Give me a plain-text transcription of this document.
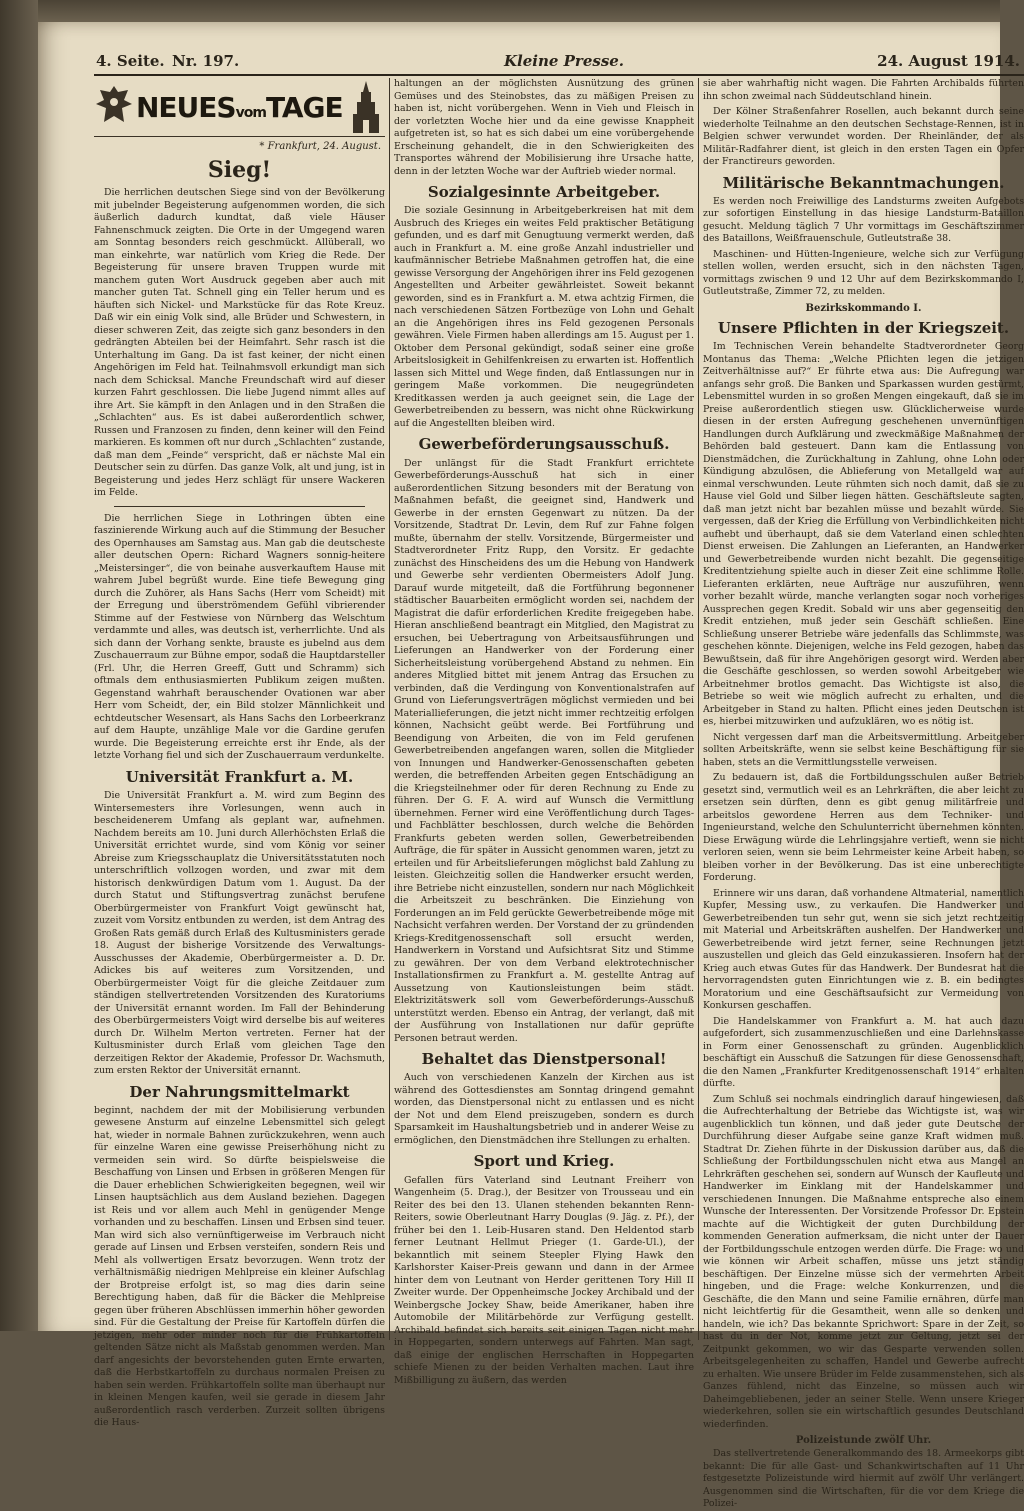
4. Seite. Nr. 197.	Kleine Presse.	24. August 1914.
NEUESvomTAGE
* Frankfurt, 24. August.
Sieg!

Die herrlichen deutschen Siege sind von der Bevölkerung mit jubelnder Begeisterung aufgenommen worden, die sich äußerlich dadurch kundtat, daß viele Häuser Fahnenschmuck zeigten. Die Orte in der Umgegend waren am Sonntag besonders reich geschmückt. Allüberall, wo man einkehrte, war natürlich vom Krieg die Rede. Der Begeisterung für unsere braven Truppen wurde mit manchem guten Wort Ausdruck gegeben aber auch mit mancher guten Tat. Schnell ging ein Teller herum und es häuften sich Nickel- und Markstücke für das Rote Kreuz. Daß wir ein einig Volk sind, alle Brüder und Schwestern, in dieser schweren Zeit, das zeigte sich ganz besonders in den gedrängten Abteilen bei der Heimfahrt. Sehr rasch ist die Unterhaltung im Gang. Da ist fast keiner, der nicht einen Angehörigen im Feld hat. Teilnahmsvoll erkundigt man sich nach dem Schicksal. Manche Freundschaft wird auf dieser kurzen Fahrt geschlossen. Die liebe Jugend nimmt alles auf ihre Art. Sie kämpft in den Anlagen und in den Straßen die „Schlachten“ aus. Es ist dabei außerordentlich schwer, Russen und Franzosen zu finden, denn keiner will den Feind markieren. Es kommen oft nur durch „Schlachten“ zustande, daß man dem „Feinde“ verspricht, daß er nächste Mal ein Deutscher sein zu dürfen. Das ganze Volk, alt und jung, ist in Begeisterung und jedes Herz schlägt für unsere Wackeren im Felde.

Die herrlichen Siege in Lothringen übten eine faszinierende Wirkung auch auf die Stimmung der Besucher des Opernhauses am Samstag aus. Man gab die deutscheste aller deutschen Opern: Richard Wagners sonnig-heitere „Meistersinger“, die von beinahe ausverkauftem Hause mit wahrem Jubel begrüßt wurde. Eine tiefe Bewegung ging durch die Zuhörer, als Hans Sachs (Herr vom Scheidt) mit der Erregung und überströmendem Gefühl vibrierender Stimme auf der Festwiese von Nürnberg das Welschtum verdammte und alles, was deutsch ist, verherrlichte. Und als sich dann der Vorhang senkte, brauste es jubelnd aus dem Zuschauerraum zur Bühne empor, sodaß die Hauptdarsteller (Frl. Uhr, die Herren Greeff, Gutt und Schramm) sich oftmals dem enthusiasmierten Publikum zeigen mußten. Gegenstand wahrhaft berauschender Ovationen war aber Herr vom Scheidt, der, ein Bild stolzer Männlichkeit und echtdeutscher Wesensart, als Hans Sachs den Lorbeerkranz auf dem Haupte, unzählige Male vor die Gardine gerufen wurde. Die Begeisterung erreichte erst ihr Ende, als der letzte Vorhang fiel und sich der Zuschauerraum verdunkelte.

Universität Frankfurt a. M.

Die Universität Frankfurt a. M. wird zum Beginn des Wintersemesters ihre Vorlesungen, wenn auch in bescheidenerem Umfang als geplant war, aufnehmen. Nachdem bereits am 10. Juni durch Allerhöchsten Erlaß die Universität errichtet wurde, sind vom König vor seiner Abreise zum Kriegsschauplatz die Universitätsstatuten noch unterschriftlich vollzogen worden, und zwar mit dem historisch denkwürdigen Datum vom 1. August. Da der durch Statut und Stiftungsvertrag zunächst berufene Oberbürgermeister von Frankfurt Voigt gewünscht hat, zuzeit vom Vorsitz entbunden zu werden, ist dem Antrag des Großen Rats gemäß durch Erlaß des Kultusministers gerade 18. August der bisherige Vorsitzende des Verwaltungs-Ausschusses der Akademie, Oberbürgermeister a. D. Dr. Adickes bis auf weiteres zum Vorsitzenden, und Oberbürgermeister Voigt für die gleiche Zeitdauer zum ständigen stellvertretenden Vorsitzenden des Kuratoriums der Universität ernannt worden. Im Fall der Behinderung des Oberbürgermeisters Voigt wird derselbe bis auf weiteres durch Dr. Wilhelm Merton vertreten. Ferner hat der Kultusminister durch Erlaß vom gleichen Tage den derzeitigen Rektor der Akademie, Professor Dr. Wachsmuth, zum ersten Rektor der Universität ernannt.

Der Nahrungsmittelmarkt

beginnt, nachdem der mit der Mobilisierung verbunden gewesene Ansturm auf einzelne Lebensmittel sich gelegt hat, wieder in normale Bahnen zurückzukehren, wenn auch für einzelne Waren eine gewisse Preiserhöhung nicht zu vermeiden sein wird. So dürfte beispielsweise die Beschaffung von Linsen und Erbsen in größeren Mengen für die Dauer erheblichen Schwierigkeiten begegnen, weil wir Linsen hauptsächlich aus dem Ausland beziehen. Dagegen ist Reis und vor allem auch Mehl in genügender Menge vorhanden und zu beschaffen. Linsen und Erbsen sind teuer. Man wird sich also vernünftigerweise im Verbrauch nicht gerade auf Linsen und Erbsen versteifen, sondern Reis und Mehl als vollwertigen Ersatz bevorzugen. Wenn trotz der verhältnismäßig niedrigen Mehlpreise ein kleiner Aufschlag der Brotpreise erfolgt ist, so mag dies darin seine Berechtigung haben, daß für die Bäcker die Mehlpreise gegen über früheren Abschlüssen immerhin höher geworden sind. Für die Gestaltung der Preise für Kartoffeln dürfen die jetzigen, mehr oder minder noch für die Frühkartoffeln geltenden Sätze nicht als Maßstab genommen werden. Man darf angesichts der bevorstehenden guten Ernte erwarten, daß die Herbstkartoffeln zu durchaus normalen Preisen zu haben sein werden. Frühkartoffeln sollte man überhaupt nur in kleinen Mengen kaufen, weil sie gerade in diesem Jahr außerordentlich rasch verderben. Zurzeit sollten übrigens die Haus-

haltungen an der möglichsten Ausnützung des grünen Gemüses und des Steinobstes, das zu mäßigen Preisen zu haben ist, nicht vorübergehen. Wenn in Vieh und Fleisch in der vorletzten Woche hier und da eine gewisse Knappheit aufgetreten ist, so hat es sich dabei um eine vorübergehende Erscheinung gehandelt, die in den Schwierigkeiten des Transportes während der Mobilisierung ihre Ursache hatte, denn in der letzten Woche war der Auftrieb wieder normal.

Sozialgesinnte Arbeitgeber.

Die soziale Gesinnung in Arbeitgeberkreisen hat mit dem Ausbruch des Krieges ein weites Feld praktischer Betätigung gefunden, und es darf mit Genugtuung vermerkt werden, daß auch in Frankfurt a. M. eine große Anzahl industrieller und kaufmännischer Betriebe Maßnahmen getroffen hat, die eine gewisse Versorgung der Angehörigen ihrer ins Feld gezogenen Angestellten und Arbeiter gewährleistet. Soweit bekannt geworden, sind es in Frankfurt a. M. etwa achtzig Firmen, die nach verschiedenen Sätzen Fortbezüge von Lohn und Gehalt an die Angehörigen ihres ins Feld gezogenen Personals gewähren. Viele Firmen haben allerdings am 15. August per 1. Oktober dem Personal gekündigt, sodaß seiner eine große Arbeitslosigkeit in Gehilfenkreisen zu erwarten ist. Hoffentlich lassen sich Mittel und Wege finden, daß Entlassungen nur in geringem Maße vorkommen. Die neugegründeten Kreditkassen werden ja auch geeignet sein, die Lage der Gewerbetreibenden zu bessern, was nicht ohne Rückwirkung auf die Angestellten bleiben wird.

Gewerbeförderungsausschuß.

Der unlängst für die Stadt Frankfurt errichtete Gewerbeförderungs-Ausschuß hat sich in einer außerordentlichen Sitzung besonders mit der Beratung von Maßnahmen befaßt, die geeignet sind, Handwerk und Gewerbe in der ernsten Gegenwart zu nützen. Da der Vorsitzende, Stadtrat Dr. Levin, dem Ruf zur Fahne folgen mußte, übernahm der stellv. Vorsitzende, Bürgermeister und Stadtverordneter Fritz Rupp, den Vorsitz. Er gedachte zunächst des Hinscheidens des um die Hebung von Handwerk und Gewerbe sehr verdienten Obermeisters Adolf Jung. Darauf wurde mitgeteilt, daß die Fortführung begonnener städtischer Bauarbeiten ermöglicht worden sei, nachdem der Magistrat die dafür erforderlichen Kredite freigegeben habe. Hieran anschließend beantragt ein Mitglied, den Magistrat zu ersuchen, bei Uebertragung von Arbeitsausführungen und Lieferungen an Handwerker von der Forderung einer Sicherheitsleistung vorübergehend Abstand zu nehmen. Ein anderes Mitglied bittet mit jenem Antrag das Ersuchen zu verbinden, daß die Verdingung von Konventionalstrafen auf Grund von Lieferungsverträgen möglichst vermieden und bei Materiallieferungen, die jetzt nicht immer rechtzeitig erfolgen können, Nachsicht geübt werde. Bei Fortführung und Beendigung von Arbeiten, die von im Feld gerufenen Gewerbetreibenden angefangen waren, sollen die Mitglieder von Innungen und Handwerker-Genossenschaften gebeten werden, die betreffenden Arbeiten gegen Entschädigung an die Kriegsteilnehmer oder für deren Rechnung zu Ende zu führen. Der G. F. A. wird auf Wunsch die Vermittlung übernehmen. Ferner wird eine Veröffentlichung durch Tages- und Fachblätter beschlossen, durch welche die Behörden Frankfurts gebeten werden sollen, Gewerbetreibenden Aufträge, die für später in Aussicht genommen waren, jetzt zu erteilen und für Arbeitslieferungen möglichst bald Zahlung zu leisten. Gleichzeitig sollen die Handwerker ersucht werden, ihre Betriebe nicht einzustellen, sondern nur nach Möglichkeit die Arbeitszeit zu beschränken. Die Einziehung von Forderungen an im Feld gerückte Gewerbetreibende möge mit Nachsicht verfahren werden. Der Vorstand der zu gründenden Kriegs-Kreditgenossenschaft soll ersucht werden, Handwerkern in Vorstand und Aufsichtsrat Sitz und Stimme zu gewähren. Der von dem Verband elektrotechnischer Installationsfirmen zu Frankfurt a. M. gestellte Antrag auf Aussetzung von Kautionsleistungen beim städt. Elektrizitätswerk soll vom Gewerbeförderungs-Ausschuß unterstützt werden. Ebenso ein Antrag, der verlangt, daß mit der Ausführung von Installationen nur dafür geprüfte Personen betraut werden.

Behaltet das Dienstpersonal!

Auch von verschiedenen Kanzeln der Kirchen aus ist während des Gottesdienstes am Sonntag dringend gemahnt worden, das Dienstpersonal nicht zu entlassen und es nicht der Not und dem Elend preiszugeben, sondern es durch Sparsamkeit im Haushaltungsbetrieb und in anderer Weise zu ermöglichen, den Dienstmädchen ihre Stellungen zu erhalten.

Sport und Krieg.

Gefallen fürs Vaterland sind Leutnant Freiherr von Wangenheim (5. Drag.), der Besitzer von Trousseau und ein Reiter des bei den 13. Ulanen stehenden bekannten Renn-Reiters, sowie Oberleutnant Harry Douglas (9. Jäg. z. Pf.), der früher bei den 1. Leib-Husaren stand. Den Heldentod starb ferner Leutnant Hellmut Prieger (1. Garde-Ul.), der bekanntlich mit seinem Steepler Flying Hawk den Karlshorster Kaiser-Preis gewann und dann in der Armee hinter dem von Leutnant von Herder gerittenen Tory Hill II Zweiter wurde. Der Oppenheimsche Jockey Archibald und der Weinbergsche Jockey Shaw, beide Amerikaner, haben ihre Automobile der Militärbehörde zur Verfügung gestellt. Archibald befindet sich bereits seit einigen Tagen nicht mehr in Hoppegarten, sondern unterwegs auf Fahrten. Man sagt, daß einige der englischen Herrschaften in Hoppegarten schiefe Mienen zu der beiden Verhalten machen. Laut ihre Mißbilligung zu äußern, das werden

sie aber wahrhaftig nicht wagen. Die Fahrten Archibalds führten ihn schon zweimal nach Süddeutschland hinein.

Der Kölner Straßenfahrer Rosellen, auch bekannt durch seine wiederholte Teilnahme an den deutschen Sechstage-Rennen, ist in Belgien schwer verwundet worden. Der Rheinländer, der als Militär-Radfahrer dient, ist gleich in den ersten Tagen ein Opfer der Franctireurs geworden.

Militärische Bekanntmachungen.

Es werden noch Freiwillige des Landsturms zweiten Aufgebots zur sofortigen Einstellung in das hiesige Landsturm-Bataillon gesucht. Meldung täglich 7 Uhr vormittags im Geschäftszimmer des Bataillons, Weißfrauenschule, Gutleutstraße 38.

Maschinen- und Hütten-Ingenieure, welche sich zur Verfügung stellen wollen, werden ersucht, sich in den nächsten Tagen, vormittags zwischen 9 und 12 Uhr auf dem Bezirkskommando I, Gutleutstraße, Zimmer 72, zu melden.

Bezirkskommando I.
Unsere Pflichten in der Kriegszeit.

Im Technischen Verein behandelte Stadtverordneter Georg Montanus das Thema: „Welche Pflichten legen die jetzigen Zeitverhältnisse auf?“ Er führte etwa aus: Die Aufregung war anfangs sehr groß. Die Banken und Sparkassen wurden gestürmt, Lebensmittel wurden in so großen Mengen eingekauft, daß sie im Preise außerordentlich stiegen usw. Glücklicherweise wurde diesen in der ersten Aufregung geschehenen unvernünftigen Handlungen durch Aufklärung und zweckmäßige Maßnahmen der Behörden bald gesteuert. Dann kam die Entlassung von Dienstmädchen, die Zurückhaltung in Zahlung, ohne Lohn oder Kündigung abzulösen, die Ablieferung von Metallgeld war auf einmal verschwunden. Leute rühmten sich noch damit, daß sie zu Hause viel Gold und Silber liegen hätten. Geschäftsleute sagten, daß man jetzt nicht bar bezahlen müsse und bezahlt würde. Sie vergessen, daß der Krieg die Erfüllung von Verbindlichkeiten nicht aufhebt und überhaupt, daß sie dem Vaterland einen schlechten Dienst erweisen. Die Zahlungen an Lieferanten, an Handwerker und Gewerbetreibende wurden nicht bezahlt. Die gegenseitige Kreditentziehung spielte auch in dieser Zeit eine schlimme Rolle. Lieferanten erklärten, neue Aufträge nur auszuführen, wenn vorher bezahlt würde, manche verlangten sogar noch vorheriges Aussprechen gegen Kredit. Sobald wir uns aber gegenseitig den Kredit entziehen, muß jeder sein Geschäft schließen. Eine Schließung unserer Betriebe wäre jedenfalls das Schlimmste, was geschehen könnte. Diejenigen, welche ins Feld gezogen, haben das Bewußtsein, daß für ihre Angehörigen gesorgt wird. Werden aber die Geschäfte geschlossen, so werden sowohl Arbeitgeber wie Arbeitnehmer brotlos gemacht. Das Wichtigste ist also, die Betriebe so weit wie möglich aufrecht zu erhalten, und die Arbeitgeber in Stand zu halten. Pflicht eines jeden Deutschen ist es, hierbei mitzuwirken und aufzuklären, wo es nötig ist.

Nicht vergessen darf man die Arbeitsvermittlung. Arbeitgeber sollten Arbeitskräfte, wenn sie selbst keine Beschäftigung für sie haben, stets an die Vermittlungsstelle verweisen.

Zu bedauern ist, daß die Fortbildungsschulen außer Betrieb gesetzt sind, vermutlich weil es an Lehrkräften, die aber leicht zu ersetzen sein dürften, denn es gibt genug militärfreie und arbeitslos gewordene Herren aus dem Techniker- und Ingenieurstand, welche den Schulunterricht übernehmen könnten. Diese Erwägung würde die Lehrlingsjahre vertieft, wenn sie nicht verloren seien, wenn sie beim Lehrmeister keine Arbeit haben, so bleiben vorher in der Bevölkerung. Das ist eine unberechtigte Forderung.

Erinnere wir uns daran, daß vorhandene Altmaterial, namentlich Kupfer, Messing usw., zu verkaufen. Die Handwerker und Gewerbetreibenden tun sehr gut, wenn sie sich jetzt rechtzeitig mit Material und Arbeitskräften aushelfen. Der Handwerker und Gewerbetreibende wird jetzt ferner, seine Rechnungen jetzt auszustellen und gleich das Geld einzukassieren. Insofern hat der Krieg auch etwas Gutes für das Handwerk. Der Bundesrat hat die hervorragendsten guten Einrichtungen wie z. B. ein bedingtes Moratorium und eine Geschäftsaufsicht zur Vermeidung von Konkursen geschaffen.

Die Handelskammer von Frankfurt a. M. hat auch dazu aufgefordert, sich zusammenzuschließen und eine Darlehnskasse in Form einer Genossenschaft zu gründen. Augenblicklich beschäftigt ein Ausschuß die Satzungen für diese Genossenschaft, die den Namen „Frankfurter Kreditgenossenschaft 1914“ erhalten dürfte.

Zum Schluß sei nochmals eindringlich darauf hingewiesen, daß die Aufrechterhaltung der Betriebe das Wichtigste ist, was wir augenblicklich tun können, und daß jeder gute Deutsche der Durchführung dieser Aufgabe seine ganze Kraft widmen muß. Stadtrat Dr. Ziehen führte in der Diskussion darüber aus, daß die Schließung der Fortbildungsschulen nicht etwa aus Mangel an Lehrkräften geschehen sei, sondern auf Wunsch der Kaufleute und Handwerker im Einklang mit der Handelskammer und verschiedenen Innungen. Die Maßnahme entspreche also einem Wunsche der Interessenten. Der Vorsitzende Professor Dr. Epstein machte auf die Wichtigkeit der guten Durchbildung der kommenden Generation aufmerksam, die nicht unter der Dauer der Fortbildungsschule entzogen werden dürfe. Die Frage: wo und wie können wir Arbeit schaffen, müsse uns jetzt ständig beschäftigen. Der Einzelne müsse sich der vermehrten Arbeit hingeben, und die Frage: welche Konkurrenzen, und die Geschäfte, die den Mann und seine Familie ernähren, dürfe man nicht leichtfertig für die Gesamtheit, wenn alle so denken und handeln, wie ich? Das bekannte Sprichwort: Spare in der Zeit, so hast du in der Not, komme jetzt zur Geltung, jetzt sei der Zeitpunkt gekommen, wo wir das Gesparte verwenden sollen. Arbeitsgelegenheiten zu schaffen, Handel und Gewerbe aufrecht zu erhalten. Wie unsere Brüder im Felde zusammenstehen, sich als Ganzes fühlend, nicht das Einzelne, so müssen auch wir Daheimgebliebenen, jeder an seiner Stelle. Wenn unsere Krieger wiederkehren, sollen sie ein wirtschaftlich gesundes Deutschland wiederfinden.

Polizeistunde zwölf Uhr.

Das stellvertretende Generalkommando des 18. Armeekorps gibt bekannt: Die für alle Gast- und Schankwirtschaften auf 11 Uhr festgesetzte Polizeistunde wird hiermit auf zwölf Uhr verlängert. Ausgenommen sind die Wirtschaften, für die vor dem Kriege die Polizei-
